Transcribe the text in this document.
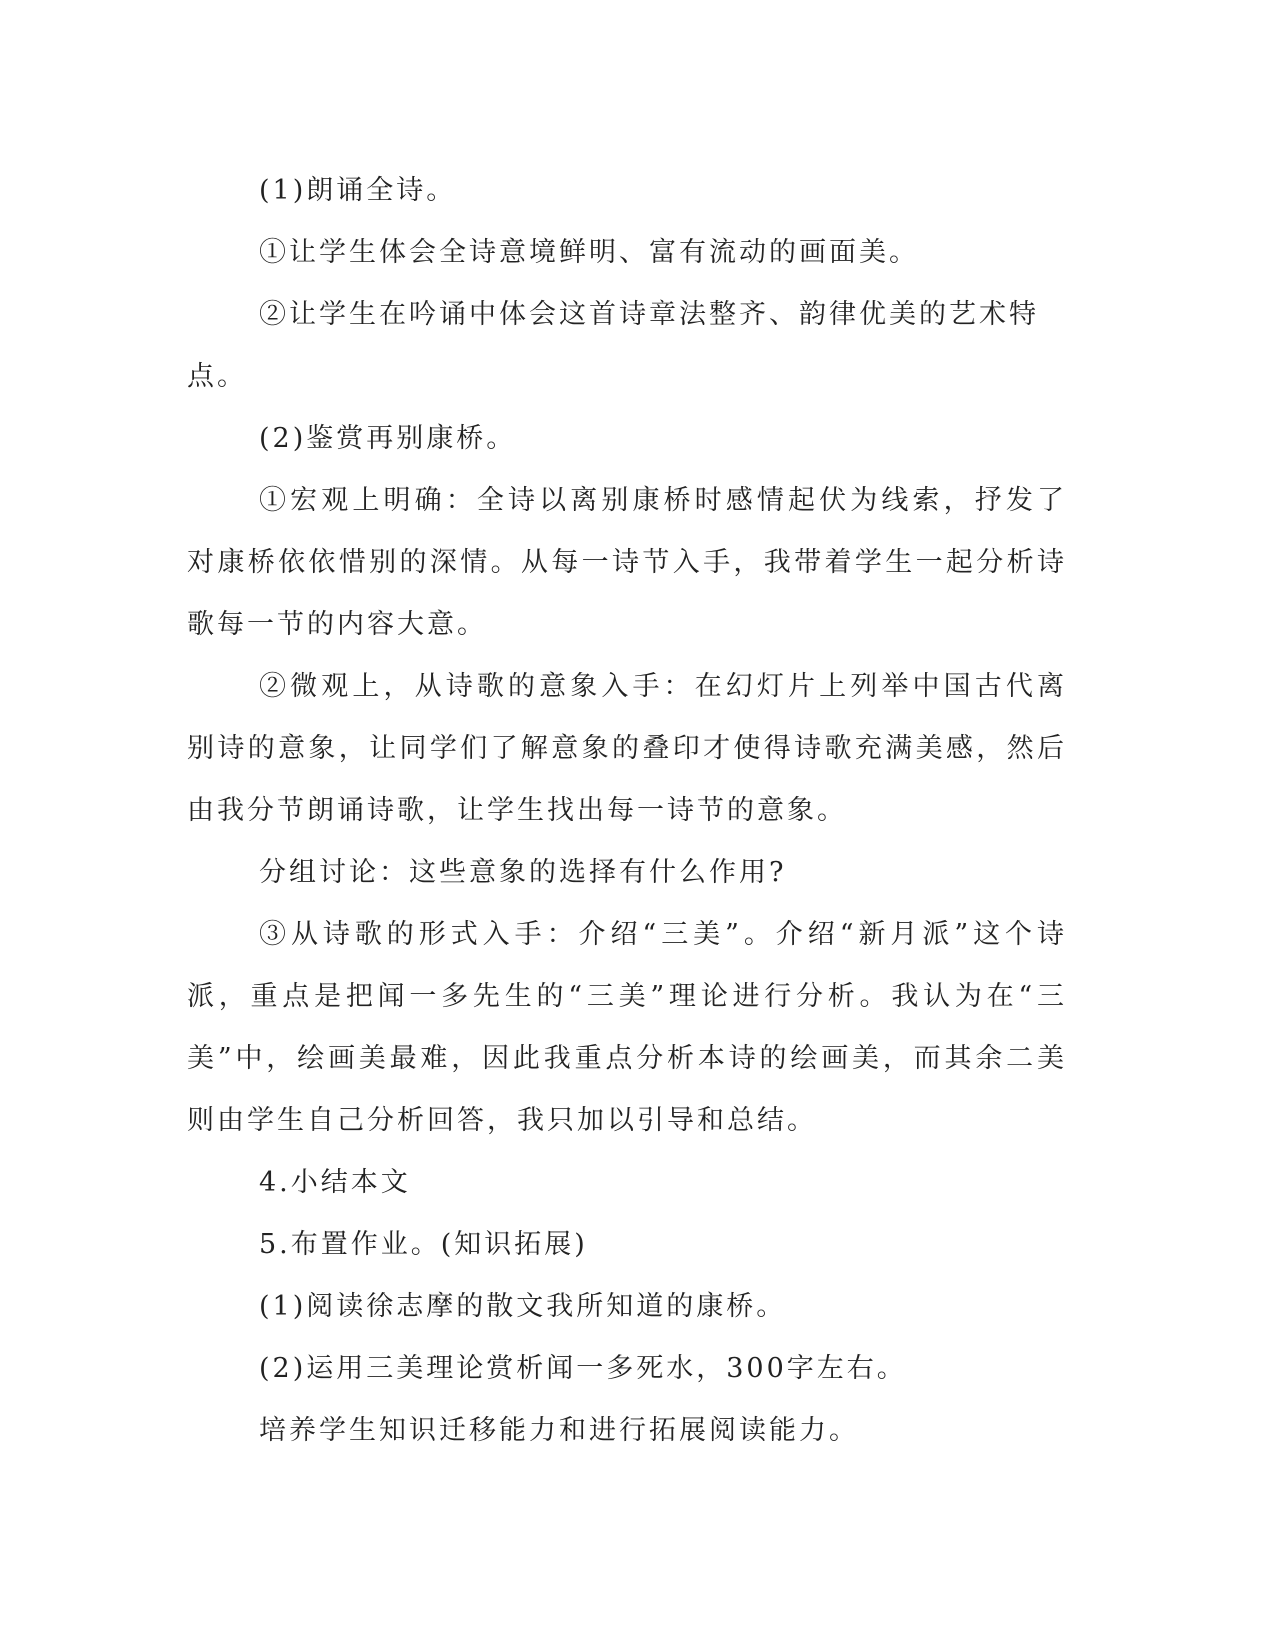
(1)朗诵全诗。

①让学生体会全诗意境鲜明、富有流动的画面美。

②让学生在吟诵中体会这首诗章法整齐、韵律优美的艺术特点。

(2)鉴赏再别康桥。

①宏观上明确：全诗以离别康桥时感情起伏为线索，抒发了对康桥依依惜别的深情。从每一诗节入手，我带着学生一起分析诗歌每一节的内容大意。

②微观上，从诗歌的意象入手：在幻灯片上列举中国古代离别诗的意象，让同学们了解意象的叠印才使得诗歌充满美感，然后由我分节朗诵诗歌，让学生找出每一诗节的意象。

分组讨论：这些意象的选择有什么作用?

③从诗歌的形式入手：介绍“三美”。介绍“新月派”这个诗派，重点是把闻一多先生的“三美”理论进行分析。我认为在“三美”中，绘画美最难，因此我重点分析本诗的绘画美，而其余二美则由学生自己分析回答，我只加以引导和总结。

4.小结本文

5.布置作业。(知识拓展)

(1)阅读徐志摩的散文我所知道的康桥。

(2)运用三美理论赏析闻一多死水，300字左右。

培养学生知识迁移能力和进行拓展阅读能力。
